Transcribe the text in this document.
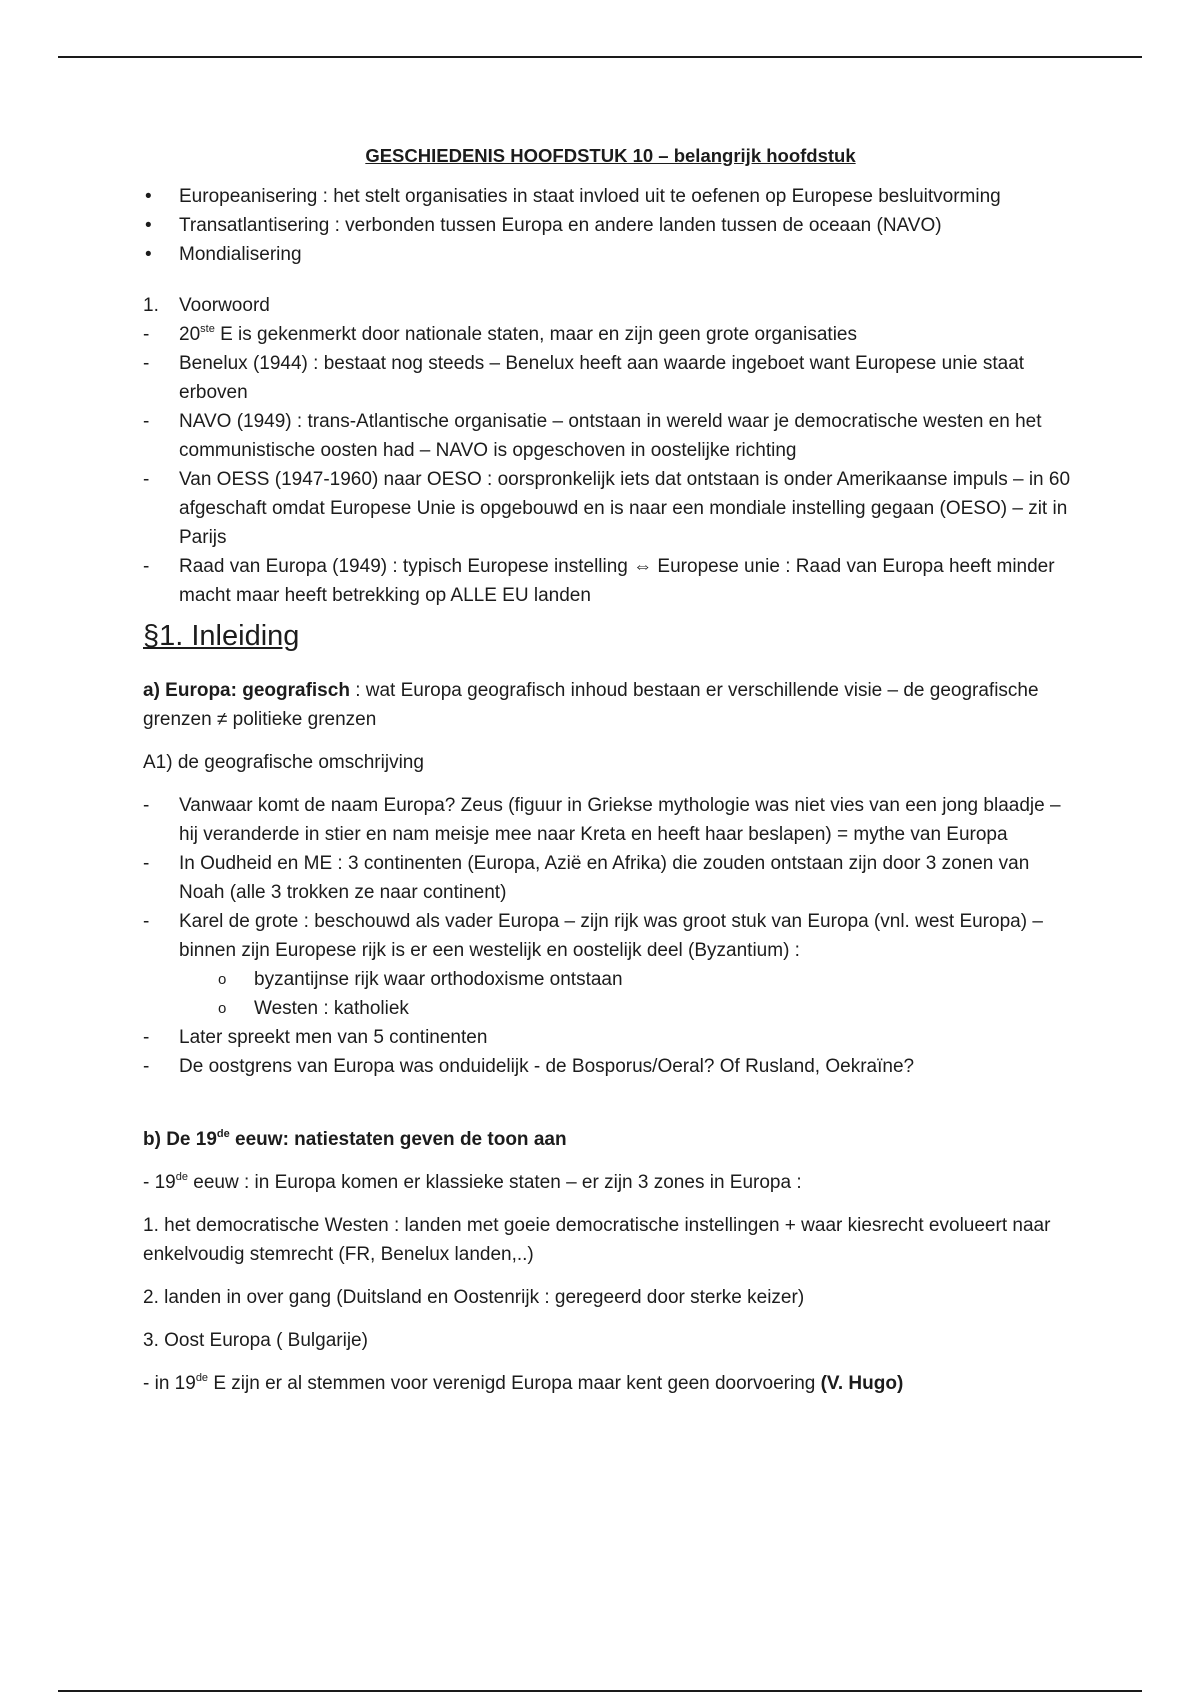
GESCHIEDENIS HOOFDSTUK 10 – belangrijk hoofdstuk
• Europeanisering : het stelt organisaties in staat invloed uit te oefenen op Europese besluitvorming
• Transatlantisering : verbonden tussen Europa en andere landen tussen de oceaan (NAVO)
• Mondialisering
1. Voorwoord
- 20ste E is gekenmerkt door nationale staten, maar en zijn geen grote organisaties
- Benelux (1944) : bestaat nog steeds – Benelux heeft aan waarde ingeboet want Europese unie staat erboven
- NAVO (1949) : trans-Atlantische organisatie – ontstaan in wereld waar je democratische westen en het communistische oosten had – NAVO is opgeschoven in oostelijke richting
- Van OESS (1947-1960) naar OESO : oorspronkelijk iets dat ontstaan is onder Amerikaanse impuls – in 60 afgeschaft omdat Europese Unie is opgebouwd en is naar een mondiale instelling gegaan (OESO) – zit in Parijs
- Raad van Europa (1949) : typisch Europese instelling ⇔ Europese unie : Raad van Europa heeft minder macht maar heeft betrekking op ALLE EU landen
§1. Inleiding

a) Europa: geografisch : wat Europa geografisch inhoud bestaan er verschillende visie – de geografische grenzen ≠ politieke grenzen

A1) de geografische omschrijving

- Vanwaar komt de naam Europa? Zeus (figuur in Griekse mythologie was niet vies van een jong blaadje – hij veranderde in stier en nam meisje mee naar Kreta en heeft haar beslapen) = mythe van Europa
- In Oudheid en ME : 3 continenten (Europa, Azië en Afrika) die zouden ontstaan zijn door 3 zonen van Noah (alle 3 trokken ze naar continent)
- Karel de grote : beschouwd als vader Europa – zijn rijk was groot stuk van Europa (vnl. west Europa) – binnen zijn Europese rijk is er een westelijk en oostelijk deel (Byzantium) :
o byzantijnse rijk waar orthodoxisme ontstaan
o Westen : katholiek
- Later spreekt men van 5 continenten
- De oostgrens van Europa was onduidelijk - de Bosporus/Oeral? Of Rusland, Oekraïne?

b) De 19de eeuw: natiestaten geven de toon aan

- 19de eeuw : in Europa komen er klassieke staten – er zijn 3 zones in Europa :

1. het democratische Westen : landen met goeie democratische instellingen + waar kiesrecht evolueert naar enkelvoudig stemrecht (FR, Benelux landen,..)

2. landen in over gang (Duitsland en Oostenrijk : geregeerd door sterke keizer)

3. Oost Europa ( Bulgarije)

- in 19de E zijn er al stemmen voor verenigd Europa maar kent geen doorvoering (V. Hugo)
